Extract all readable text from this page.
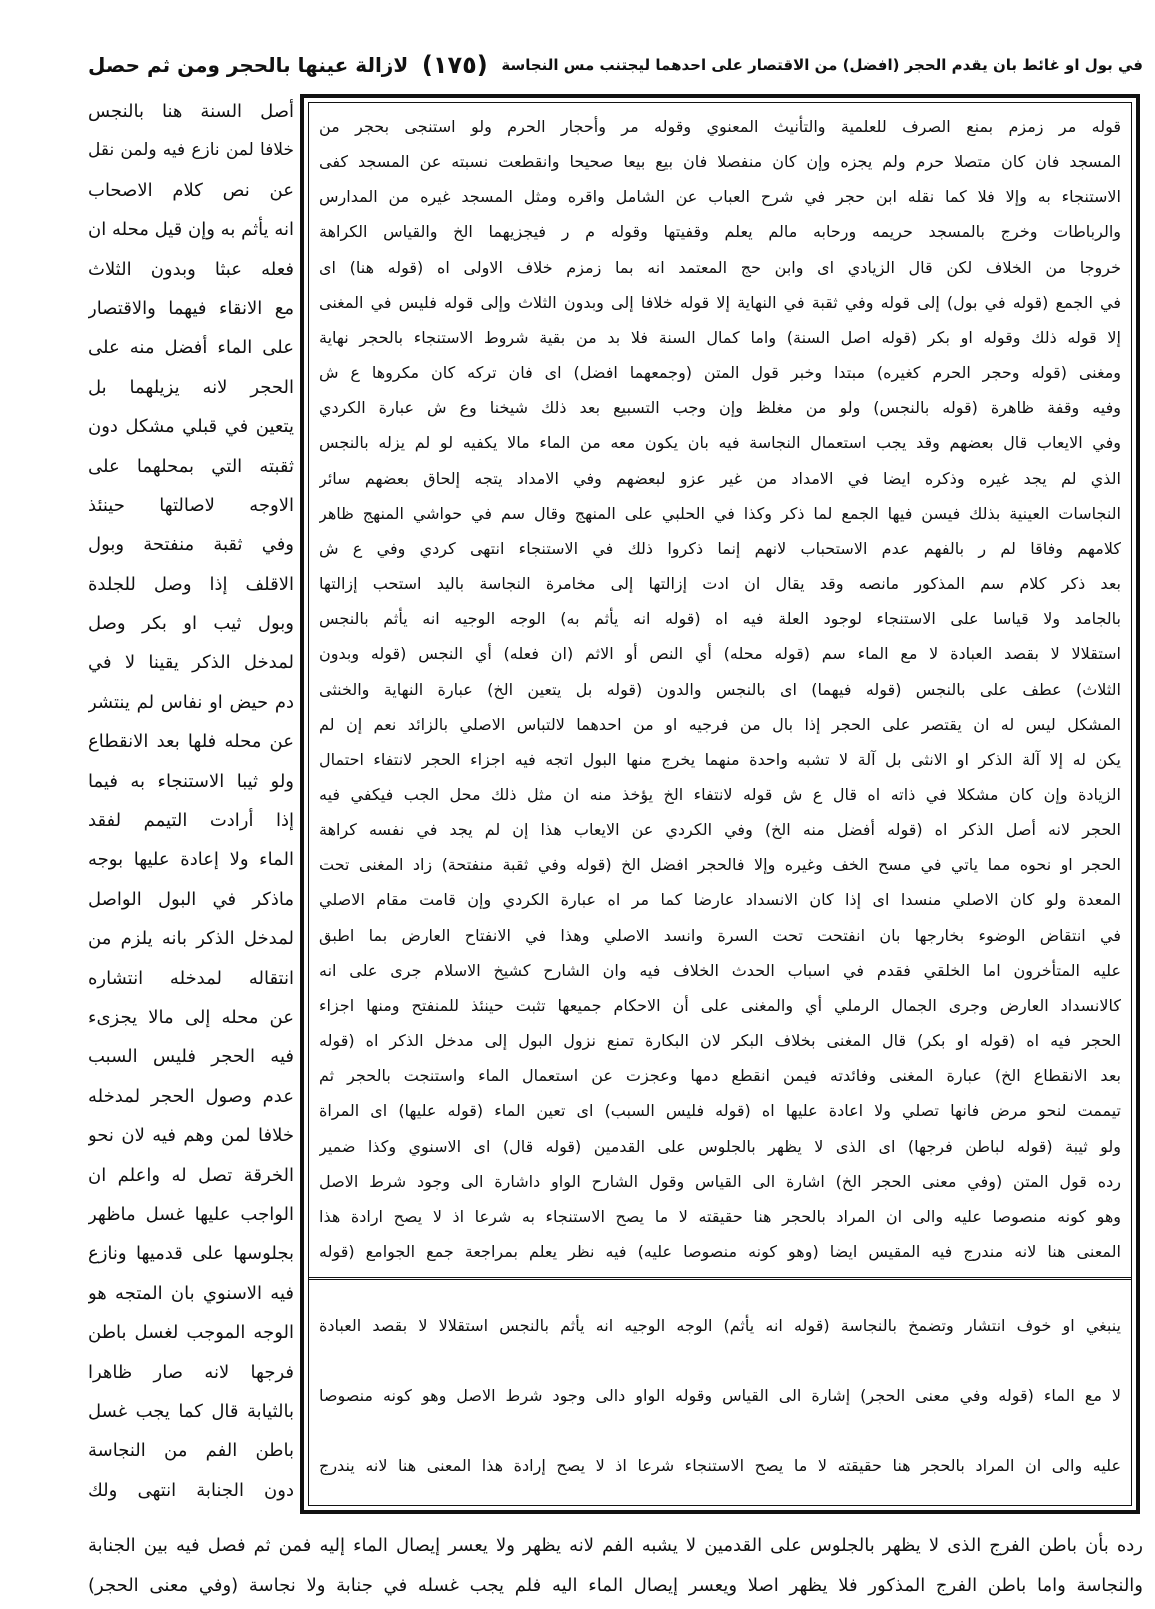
في بول او غائط بان يقدم الحجر (افضل) من الاقتصار على احدهما ليجتنب مس النجاسة
(١٧٥)
لازالة عينها بالحجر ومن ثم حصل
أصل السنة هنا بالنجس
خلافا لمن نازع فيه ولمن نقل
عن نص كلام الاصحاب
انه يأثم به وإن قيل محله ان
فعله عبثا وبدون الثلاث
مع الانقاء فيهما والاقتصار
على الماء أفضل منه على
الحجر لانه يزيلهما بل
يتعين في قبلي مشكل دون
ثقبته التي بمحلهما على
الاوجه لاصالتها حينئذ
وفي ثقبة منفتحة وبول
الاقلف إذا وصل للجلدة
وبول ثيب او بكر وصل
لمدخل الذكر يقينا لا في
دم حيض او نفاس لم ينتشر
عن محله فلها بعد الانقطاع
ولو ثيبا الاستنجاء به فيما
إذا أرادت التيمم لفقد
الماء ولا إعادة عليها بوجه
ماذكر في البول الواصل
لمدخل الذكر بانه يلزم من
انتقاله لمدخله انتشاره
عن محله إلى مالا يجزىء
فيه الحجر فليس السبب
عدم وصول الحجر لمدخله
خلافا لمن وهم فيه لان نحو
الخرقة تصل له واعلم ان
الواجب عليها غسل ماظهر
بجلوسها على قدميها ونازع
فيه الاسنوي بان المتجه هو
الوجه الموجب لغسل باطن
فرجها لانه صار ظاهرا
بالثيابة قال كما يجب غسل
باطن الفم من النجاسة
دون الجنابة انتهى ولك
قوله مر زمزم بمنع الصرف للعلمية والتأنيث المعنوي وقوله مر وأحجار الحرم ولو استنجى بحجر من
المسجد فان كان متصلا حرم ولم يجزه وإن كان منفصلا فان بيع بيعا صحيحا وانقطعت نسبته عن المسجد كفى
الاستنجاء به وإلا فلا كما نقله ابن حجر في شرح العباب عن الشامل واقره ومثل المسجد غيره من المدارس
والرباطات وخرج بالمسجد حريمه ورحابه مالم يعلم وقفيتها وقوله م ر فيجزيهما الخ والقياس الكراهة
خروجا من الخلاف لكن قال الزيادي اى وابن حج المعتمد انه بما زمزم خلاف الاولى اه (قوله هنا) اى
في الجمع (قوله في بول) إلى قوله وفي ثقبة في النهاية إلا قوله خلافا إلى وبدون الثلاث وإلى قوله فليس في المغنى
إلا قوله ذلك وقوله او بكر (قوله اصل السنة) واما كمال السنة فلا بد من بقية شروط الاستنجاء بالحجر نهاية
ومغنى (قوله وحجر الحرم كغيره) مبتدا وخبر قول المتن (وجمعهما افضل) اى فان تركه كان مكروها ع ش
وفيه وقفة ظاهرة (قوله بالنجس) ولو من مغلظ وإن وجب التسبيع بعد ذلك شيخنا وع ش عبارة الكردي
وفي الايعاب قال بعضهم وقد يجب استعمال النجاسة فيه بان يكون معه من الماء مالا يكفيه لو لم يزله بالنجس
الذي لم يجد غيره وذكره ايضا في الامداد من غير عزو لبعضهم وفي الامداد يتجه إلحاق بعضهم سائر
النجاسات العينية بذلك فيسن فيها الجمع لما ذكر وكذا في الحلبي على المنهج وقال سم في حواشي المنهج ظاهر
كلامهم وفاقا لم ر بالفهم عدم الاستحباب لانهم إنما ذكروا ذلك في الاستنجاء انتهى كردي وفي ع ش
بعد ذكر كلام سم المذكور مانصه وقد يقال ان ادت إزالتها إلى مخامرة النجاسة باليد استحب إزالتها
بالجامد ولا قياسا على الاستنجاء لوجود العلة فيه اه (قوله انه يأثم به) الوجه الوجيه انه يأثم بالنجس
استقلالا لا بقصد العبادة لا مع الماء سم (قوله محله) أي النص أو الاثم (ان فعله) أي النجس (قوله وبدون
الثلاث) عطف على بالنجس (قوله فيهما) اى بالنجس والدون (قوله بل يتعين الخ) عبارة النهاية والخنثى
المشكل ليس له ان يقتصر على الحجر إذا بال من فرجيه او من احدهما لالتباس الاصلي بالزائد نعم إن لم
يكن له إلا آلة الذكر او الانثى بل آلة لا تشبه واحدة منهما يخرج منها البول اتجه فيه اجزاء الحجر لانتفاء احتمال
الزيادة وإن كان مشكلا في ذاته اه قال ع ش قوله لانتفاء الخ يؤخذ منه ان مثل ذلك محل الجب فيكفي فيه
الحجر لانه أصل الذكر اه (قوله أفضل منه الخ) وفي الكردي عن الايعاب هذا إن لم يجد في نفسه كراهة
الحجر او نحوه مما ياتي في مسح الخف وغيره وإلا فالحجر افضل الخ (قوله وفي ثقبة منفتحة) زاد المغنى تحت
المعدة ولو كان الاصلي منسدا اى إذا كان الانسداد عارضا كما مر اه عبارة الكردي وإن قامت مقام الاصلي
في انتقاض الوضوء بخارجها بان انفتحت تحت السرة وانسد الاصلي وهذا في الانفتاح العارض بما اطبق
عليه المتأخرون اما الخلقي فقدم في اسباب الحدث الخلاف فيه وان الشارح كشيخ الاسلام جرى على انه
كالانسداد العارض وجرى الجمال الرملي أي والمغنى على أن الاحكام جميعها تثبت حينئذ للمنفتح ومنها اجزاء
الحجر فيه اه (قوله او بكر) قال المغنى بخلاف البكر لان البكارة تمنع نزول البول إلى مدخل الذكر اه (قوله
بعد الانقطاع الخ) عبارة المغنى وفائدته فيمن انقطع دمها وعجزت عن استعمال الماء واستنجت بالحجر ثم
تيممت لنحو مرض فانها تصلي ولا اعادة عليها اه (قوله فليس السبب) اى تعين الماء (قوله عليها) اى المراة
ولو ثيبة (قوله لباطن فرجها) اى الذى لا يظهر بالجلوس على القدمين (قوله قال) اى الاسنوي وكذا ضمير
رده قول المتن (وفي معنى الحجر الخ) اشارة الى القياس وقول الشارح الواو داشارة الى وجود شرط الاصل
وهو كونه منصوصا عليه والى ان المراد بالحجر هنا حقيقته لا ما يصح الاستنجاء به شرعا اذ لا يصح ارادة هذا
المعنى هنا لانه مندرج فيه المقيس ايضا (وهو كونه منصوصا عليه) فيه نظر يعلم بمراجعة جمع الجوامع (قوله
ينبغي او خوف انتشار وتضمخ بالنجاسة (قوله انه يأثم) الوجه الوجيه انه يأثم بالنجس استقلالا لا بقصد العبادة
لا مع الماء (قوله وفي معنى الحجر) إشارة الى القياس وقوله الواو دالى وجود شرط الاصل وهو كونه منصوصا
عليه والى ان المراد بالحجر هنا حقيقته لا ما يصح الاستنجاء شرعا اذ لا يصح إرادة هذا المعنى هنا لانه يندرج
رده بأن باطن الفرج الذى لا يظهر بالجلوس على القدمين لا يشبه الفم لانه يظهر ولا يعسر إيصال الماء إليه فمن ثم فصل فيه بين الجنابة
والنجاسة واما باطن الفرج المذكور فلا يظهر اصلا ويعسر إيصال الماء اليه فلم يجب غسله في جنابة ولا نجاسة (وفي معنى الحجر)
